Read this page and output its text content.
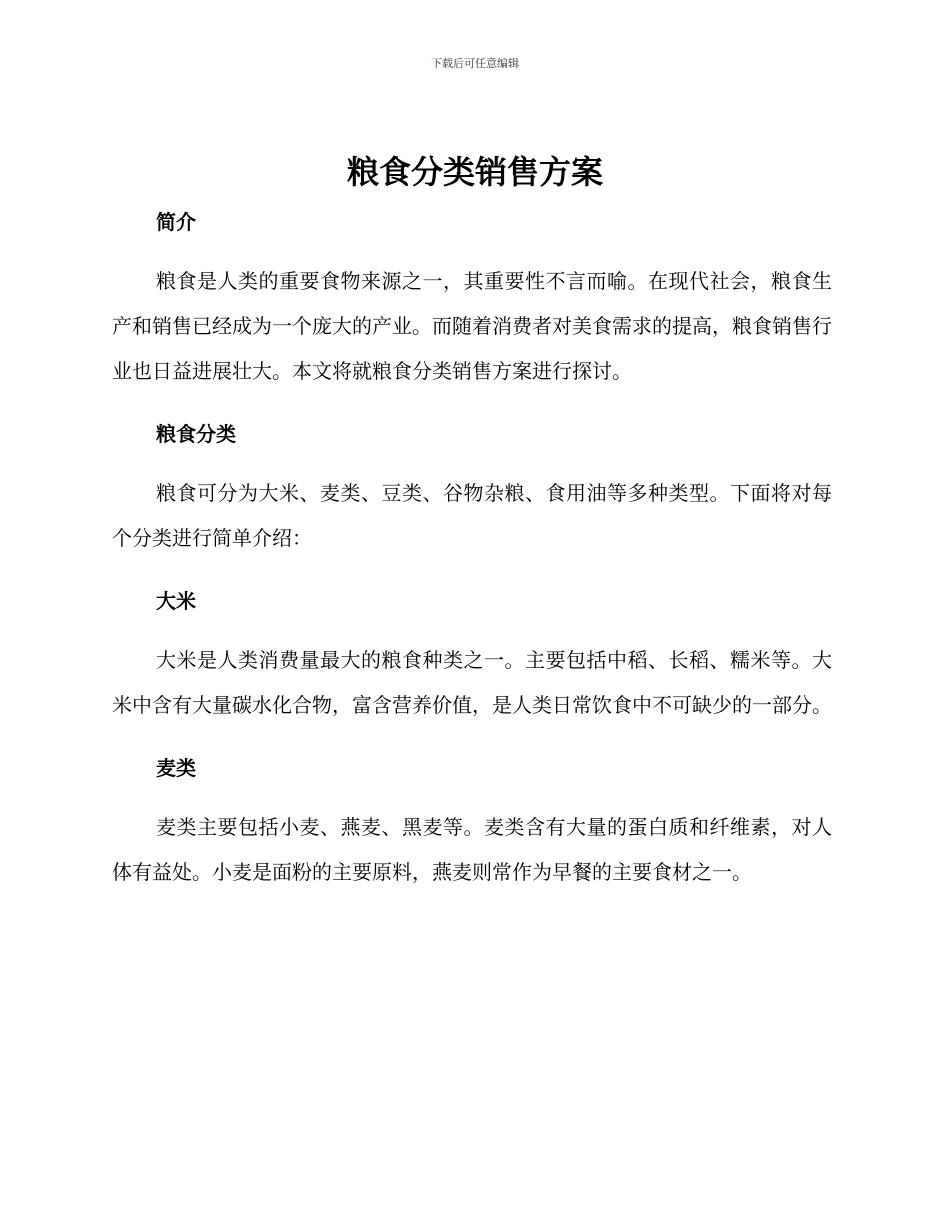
下载后可任意编辑
粮食分类销售方案
简介

粮食是人类的重要食物来源之一，其重要性不言而喻。在现代社会，粮食生产和销售已经成为一个庞大的产业。而随着消费者对美食需求的提高，粮食销售行业也日益进展壮大。本文将就粮食分类销售方案进行探讨。

粮食分类

粮食可分为大米、麦类、豆类、谷物杂粮、食用油等多种类型。下面将对每个分类进行简单介绍：

大米

大米是人类消费量最大的粮食种类之一。主要包括中稻、长稻、糯米等。大米中含有大量碳水化合物，富含营养价值，是人类日常饮食中不可缺少的一部分。

麦类

麦类主要包括小麦、燕麦、黑麦等。麦类含有大量的蛋白质和纤维素，对人体有益处。小麦是面粉的主要原料，燕麦则常作为早餐的主要食材之一。
